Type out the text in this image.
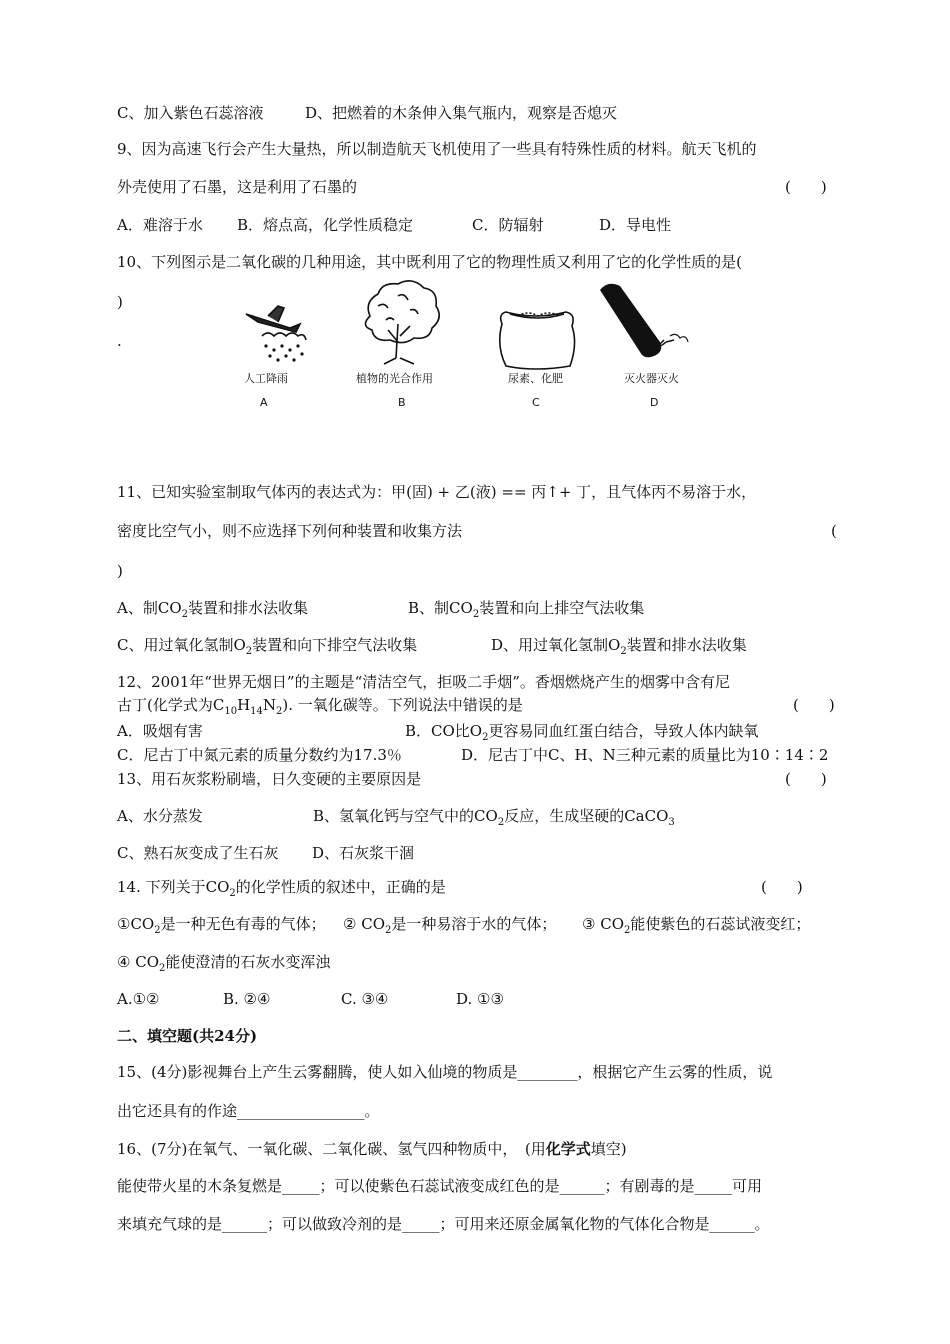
C、加入紫色石蕊溶液	D、把燃着的木条伸入集气瓶内，观察是否熄灭
9、因为高速飞行会产生大量热，所以制造航天飞机使用了一些具有特殊性质的材料。航天飞机的
外壳使用了石墨，这是利用了石墨的	(　　)
A．难溶于水 B．熔点高，化学性质稳定	C．防辐射	D．导电性
10、下列图示是二氧化碳的几种用途，其中既利用了它的物理性质又利用了它的化学性质的是(
)
.
人工降雨
A
植物的光合作用
B
尿素、化肥
C
灭火器灭火
D
11、已知实验室制取气体丙的表达式为：甲(固) + 乙(液) == 丙↑+ 丁，且气体丙不易溶于水，
密度比空气小，则不应选择下列何种装置和收集方法	(
)
A、制$CO_2$装置和排水法收集	B、制$CO_2$装置和向上排空气法收集
C、用过氧化氢制$O_2$装置和向下排空气法收集	D、用过氧化氢制$O_2$装置和排水法收集
12、2001年“世界无烟日”的主题是“清洁空气，拒吸二手烟”。香烟燃烧产生的烟雾中含有尼
古丁(化学式为$C_{10}H_{14}N_2$). 一氧化碳等。下列说法中错误的是	(　　)
A．吸烟有害	B．CO比$O_2$更容易同血红蛋白结合，导致人体内缺氧
C．尼古丁中氮元素的质量分数约为17.3％	D．尼古丁中C、H、N三种元素的质量比为10∶14∶2
13、用石灰浆粉刷墙，日久变硬的主要原因是	(　　)
A、水分蒸发	B、氢氧化钙与空气中的$CO_2$反应，生成坚硬的CaCO$_3$
C、熟石灰变成了生石灰 D、石灰浆干涸
14. 下列关于$CO_2$的化学性质的叙述中，正确的是	(　　)
$①CO_2$是一种无色有毒的气体； ② $CO_2$是一种易溶于水的气体； ③ $CO_2$能使紫色的石蕊试液变红；
④ $CO_2$能使澄清的石灰水变浑浊
A.①②	B. ②④	C. ③④	D. ①③
二、填空题(共24分)
15、(4分)影视舞台上产生云雾翻腾，使人如入仙境的物质是________，根据它产生云雾的性质，说
出它还具有的作途_________________。
16、(7分)在氧气、一氧化碳、二氧化碳、氢气四种物质中，　(用化学式填空)
能使带火星的木条复燃是_____；可以使紫色石蕊试液变成红色的是______；有剧毒的是_____可用
来填充气球的是______；可以做致冷剂的是_____；可用来还原金属氧化物的气体化合物是______。
